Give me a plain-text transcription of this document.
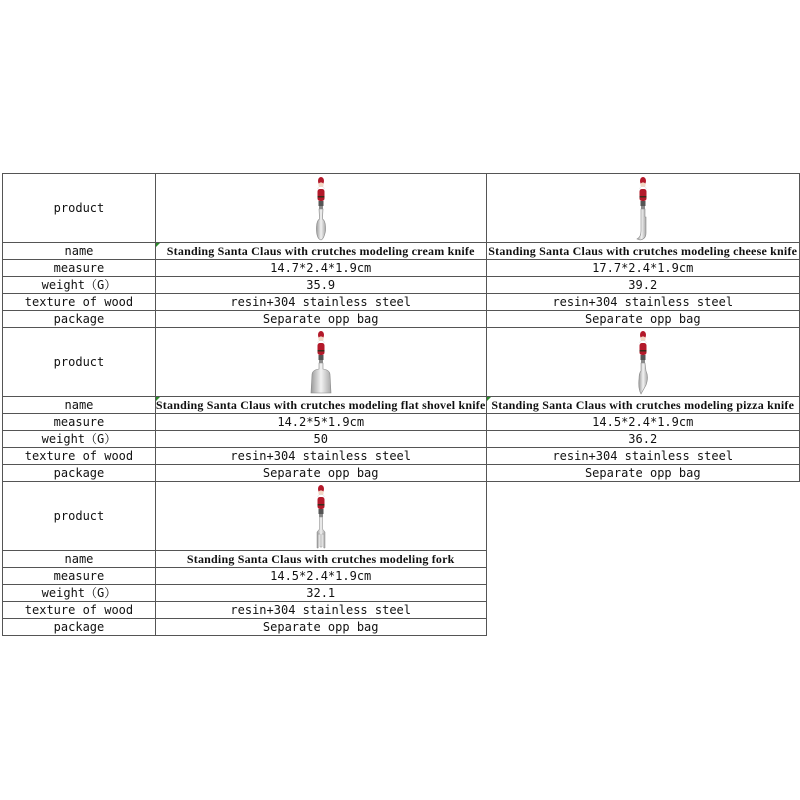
product	

name	Standing Santa Claus with crutches modeling cream knife	Standing Santa Claus with crutches modeling cheese knife
measure	14.7*2.4*1.9cm	17.7*2.4*1.9cm
weight（G）	35.9	39.2
texture of wood	resin+304 stainless steel	resin+304 stainless steel
package	Separate opp bag	Separate opp bag
product	

name	Standing Santa Claus with crutches modeling flat shovel knife	Standing Santa Claus with crutches modeling pizza knife
measure	14.2*5*1.9cm	14.5*2.4*1.9cm
weight（G）	50	36.2
texture of wood	resin+304 stainless steel	resin+304 stainless steel
package	Separate opp bag	Separate opp bag
product	

name	Standing Santa Claus with crutches modeling fork	
measure	14.5*2.4*1.9cm	
weight（G）	32.1	
texture of wood	resin+304 stainless steel	
package	Separate opp bag	
